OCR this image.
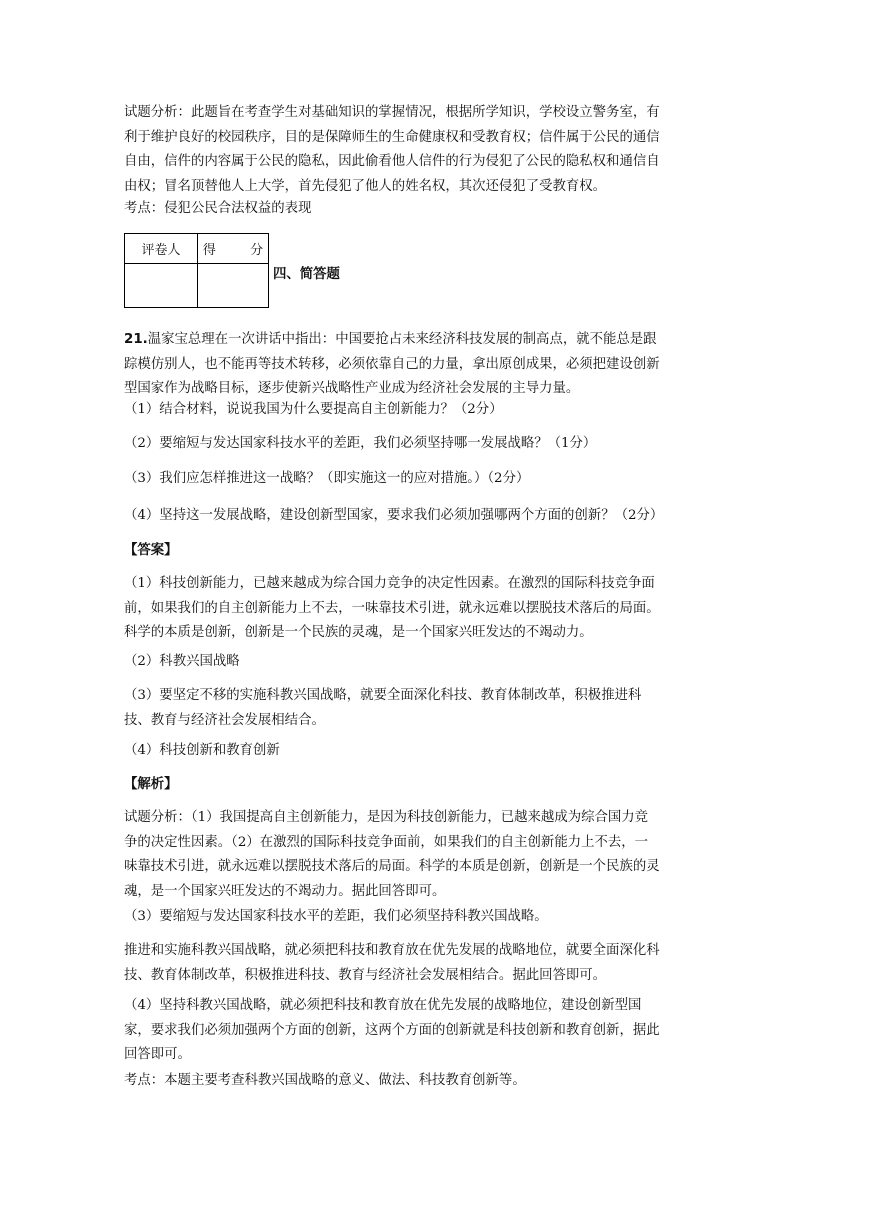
试题分析：此题旨在考查学生对基础知识的掌握情况，根据所学知识，学校设立警务室，有
利于维护良好的校园秩序，目的是保障师生的生命健康权和受教育权；信件属于公民的通信
自由，信件的内容属于公民的隐私，因此偷看他人信件的行为侵犯了公民的隐私权和通信自
由权；冒名顶替他人上大学，首先侵犯了他人的姓名权，其次还侵犯了受教育权。

考点：侵犯公民合法权益的表现

评卷人	得 分

四、简答题

21.温家宝总理在一次讲话中指出：中国要抢占未来经济科技发展的制高点，就不能总是跟
踪模仿别人，也不能再等技术转移，必须依靠自己的力量，拿出原创成果，必须把建设创新
型国家作为战略目标，逐步使新兴战略性产业成为经济社会发展的主导力量。

（1）结合材料，说说我国为什么要提高自主创新能力？（2分）

（2）要缩短与发达国家科技水平的差距，我们必须坚持哪一发展战略？（1分）

（3）我们应怎样推进这一战略？（即实施这一的应对措施。）（2分）

（4）坚持这一发展战略，建设创新型国家，要求我们必须加强哪两个方面的创新？（2分）

【答案】

（1）科技创新能力，已越来越成为综合国力竞争的决定性因素。在激烈的国际科技竞争面
前，如果我们的自主创新能力上不去，一味靠技术引进，就永远难以摆脱技术落后的局面。
科学的本质是创新，创新是一个民族的灵魂，是一个国家兴旺发达的不竭动力。

（2）科教兴国战略

（3）要坚定不移的实施科教兴国战略，就要全面深化科技、教育体制改革，积极推进科
技、教育与经济社会发展相结合。

（4）科技创新和教育创新

【解析】

试题分析：（1）我国提高自主创新能力，是因为科技创新能力，已越来越成为综合国力竞
争的决定性因素。（2）在激烈的国际科技竞争面前，如果我们的自主创新能力上不去，一
味靠技术引进，就永远难以摆脱技术落后的局面。科学的本质是创新，创新是一个民族的灵
魂，是一个国家兴旺发达的不竭动力。据此回答即可。

（3）要缩短与发达国家科技水平的差距，我们必须坚持科教兴国战略。

推进和实施科教兴国战略，就必须把科技和教育放在优先发展的战略地位，就要全面深化科
技、教育体制改革，积极推进科技、教育与经济社会发展相结合。据此回答即可。

（4）坚持科教兴国战略，就必须把科技和教育放在优先发展的战略地位，建设创新型国
家，要求我们必须加强两个方面的创新，这两个方面的创新就是科技创新和教育创新，据此
回答即可。

考点：本题主要考查科教兴国战略的意义、做法、科技教育创新等。
